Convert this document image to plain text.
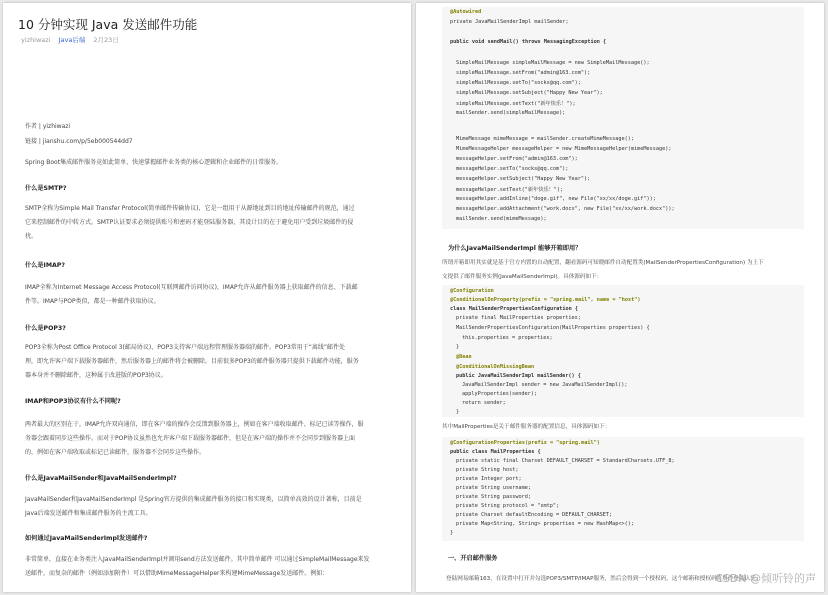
10 分钟实现 Java 发送邮件功能
yizhiwazi Java后端 2月23日
作者 | yizhiwazi
链接 | jianshu.com/p/5eb000544dd7
Spring Boot集成邮件服务竟如此简单，快速掌握邮件业务类的核心逻辑和企业邮件的日常服务。
什么是SMTP?
SMTP全称为Simple Mail Transfer Protocol(简单邮件传输协议)，它是一组用于从源地址到目的地址传输邮件的规范，通过
它来控制邮件的中转方式。SMTP认证要求必须提供账号和密码才能登陆服务器，其设计目的在于避免用户受到垃圾邮件的侵
扰。
什么是IMAP?
IMAP全称为Internet Message Access Protocol(互联网邮件访问协议)，IMAP允许从邮件服务器上获取邮件的信息、下载邮
件等。IMAP与POP类似，都是一种邮件获取协议。
什么是POP3?
POP3全称为Post Office Protocol 3(邮局协议)，POP3支持客户端远程管理服务器端的邮件。POP3常用于“离线”邮件处
理，即允许客户端下载服务器邮件，然后服务器上的邮件将会被删除。目前很多POP3的邮件服务器只提供下载邮件功能，服务
器本身并不删除邮件，这种属于改进版的POP3协议。
IMAP和POP3协议有什么不同呢?
两者最大的区别在于，IMAP允许双向通信，即在客户端的操作会反馈到服务器上，例如在客户端收取邮件、标记已读等操作，服
务器会跟着同步这些操作。而对于POP协议虽然也允许客户端下载服务器邮件，但是在客户端的操作并不会同步到服务器上面
的，例如在客户端收取或标记已读邮件，服务器不会同步这些操作。
什么是JavaMailSender和JavaMailSenderImpl?
JavaMailSender和JavaMailSenderImpl 是Spring官方提供的集成邮件服务的接口和实现类，以简单高效的设计著称，目前是
Java后端发送邮件和集成邮件服务的主流工具。
如何通过JavaMailSenderImpl发送邮件?
非常简单，直接在业务类注入JavaMailSenderImpl并调用send方法发送邮件。其中简单邮件 可以通过SimpleMailMessage来发
送邮件，而复杂的邮件（例如添加附件）可以借助MimeMessageHelper来构建MimeMessage发送邮件。例如：
@Autowired
private JavaMailSenderImpl mailSender;
public void sendMail() throws MessagingException {
SimpleMailMessage simpleMailMessage = new SimpleMailMessage();
simpleMailMessage.setFrom("admin@163.com");
simpleMailMessage.setTo("socks@qq.com");
simpleMailMessage.setSubject("Happy New Year");
simpleMailMessage.setText("新年快乐！");
mailSender.send(simpleMailMessage);
MimeMessage mimeMessage = mailSender.createMimeMessage();
MimeMessageHelper messageHelper = new MimeMessageHelper(mimeMessage);
messageHelper.setFrom("admin@163.com");
messageHelper.setTo("socks@qq.com");
messageHelper.setSubject("Happy New Year");
messageHelper.setText("新年快乐！");
messageHelper.addInline("doge.gif", new File("xx/xx/doge.gif"));
messageHelper.addAttachment("work.docx", new File("xx/xx/work.docx"));
mailSender.send(mimeMessage);
为什么JavaMailSenderImpl 能够开箱即用？
所谓开箱即用其实就是基于官方内置的自动配置，翻看源码可知晓邮件自动配置类(MailSenderPropertiesConfiguration) 为上下
文提供了邮件服务实例(JavaMailSenderImpl)。具体源码如下：
@Configuration
@ConditionalOnProperty(prefix = "spring.mail", name = "host")
class MailSenderPropertiesConfiguration {
private final MailProperties properties;
MailSenderPropertiesConfiguration(MailProperties properties) {
this.properties = properties;
}
@Bean
@ConditionalOnMissingBean
public JavaMailSenderImpl mailSender() {
JavaMailSenderImpl sender = new JavaMailSenderImpl();
applyProperties(sender);
return sender;
}
其中MailProperties是关于邮件服务器的配置信息，具体源码如下：
@ConfigurationProperties(prefix = "spring.mail")
public class MailProperties {
private static final Charset DEFAULT_CHARSET = StandardCharsets.UTF_8;
private String host;
private Integer port;
private String username;
private String password;
private String protocol = "smtp";
private Charset defaultEncoding = DEFAULT_CHARSET;
private Map<String, String> properties = new HashMap<>();
}
一、开启邮件服务
登陆网易邮箱163，在设置中打开并勾选POP3/SMTP/IMAP服务，然后会得到一个授权码，这个邮箱和授权码将用作登陆认证。
CSDN @倾听铃的声
